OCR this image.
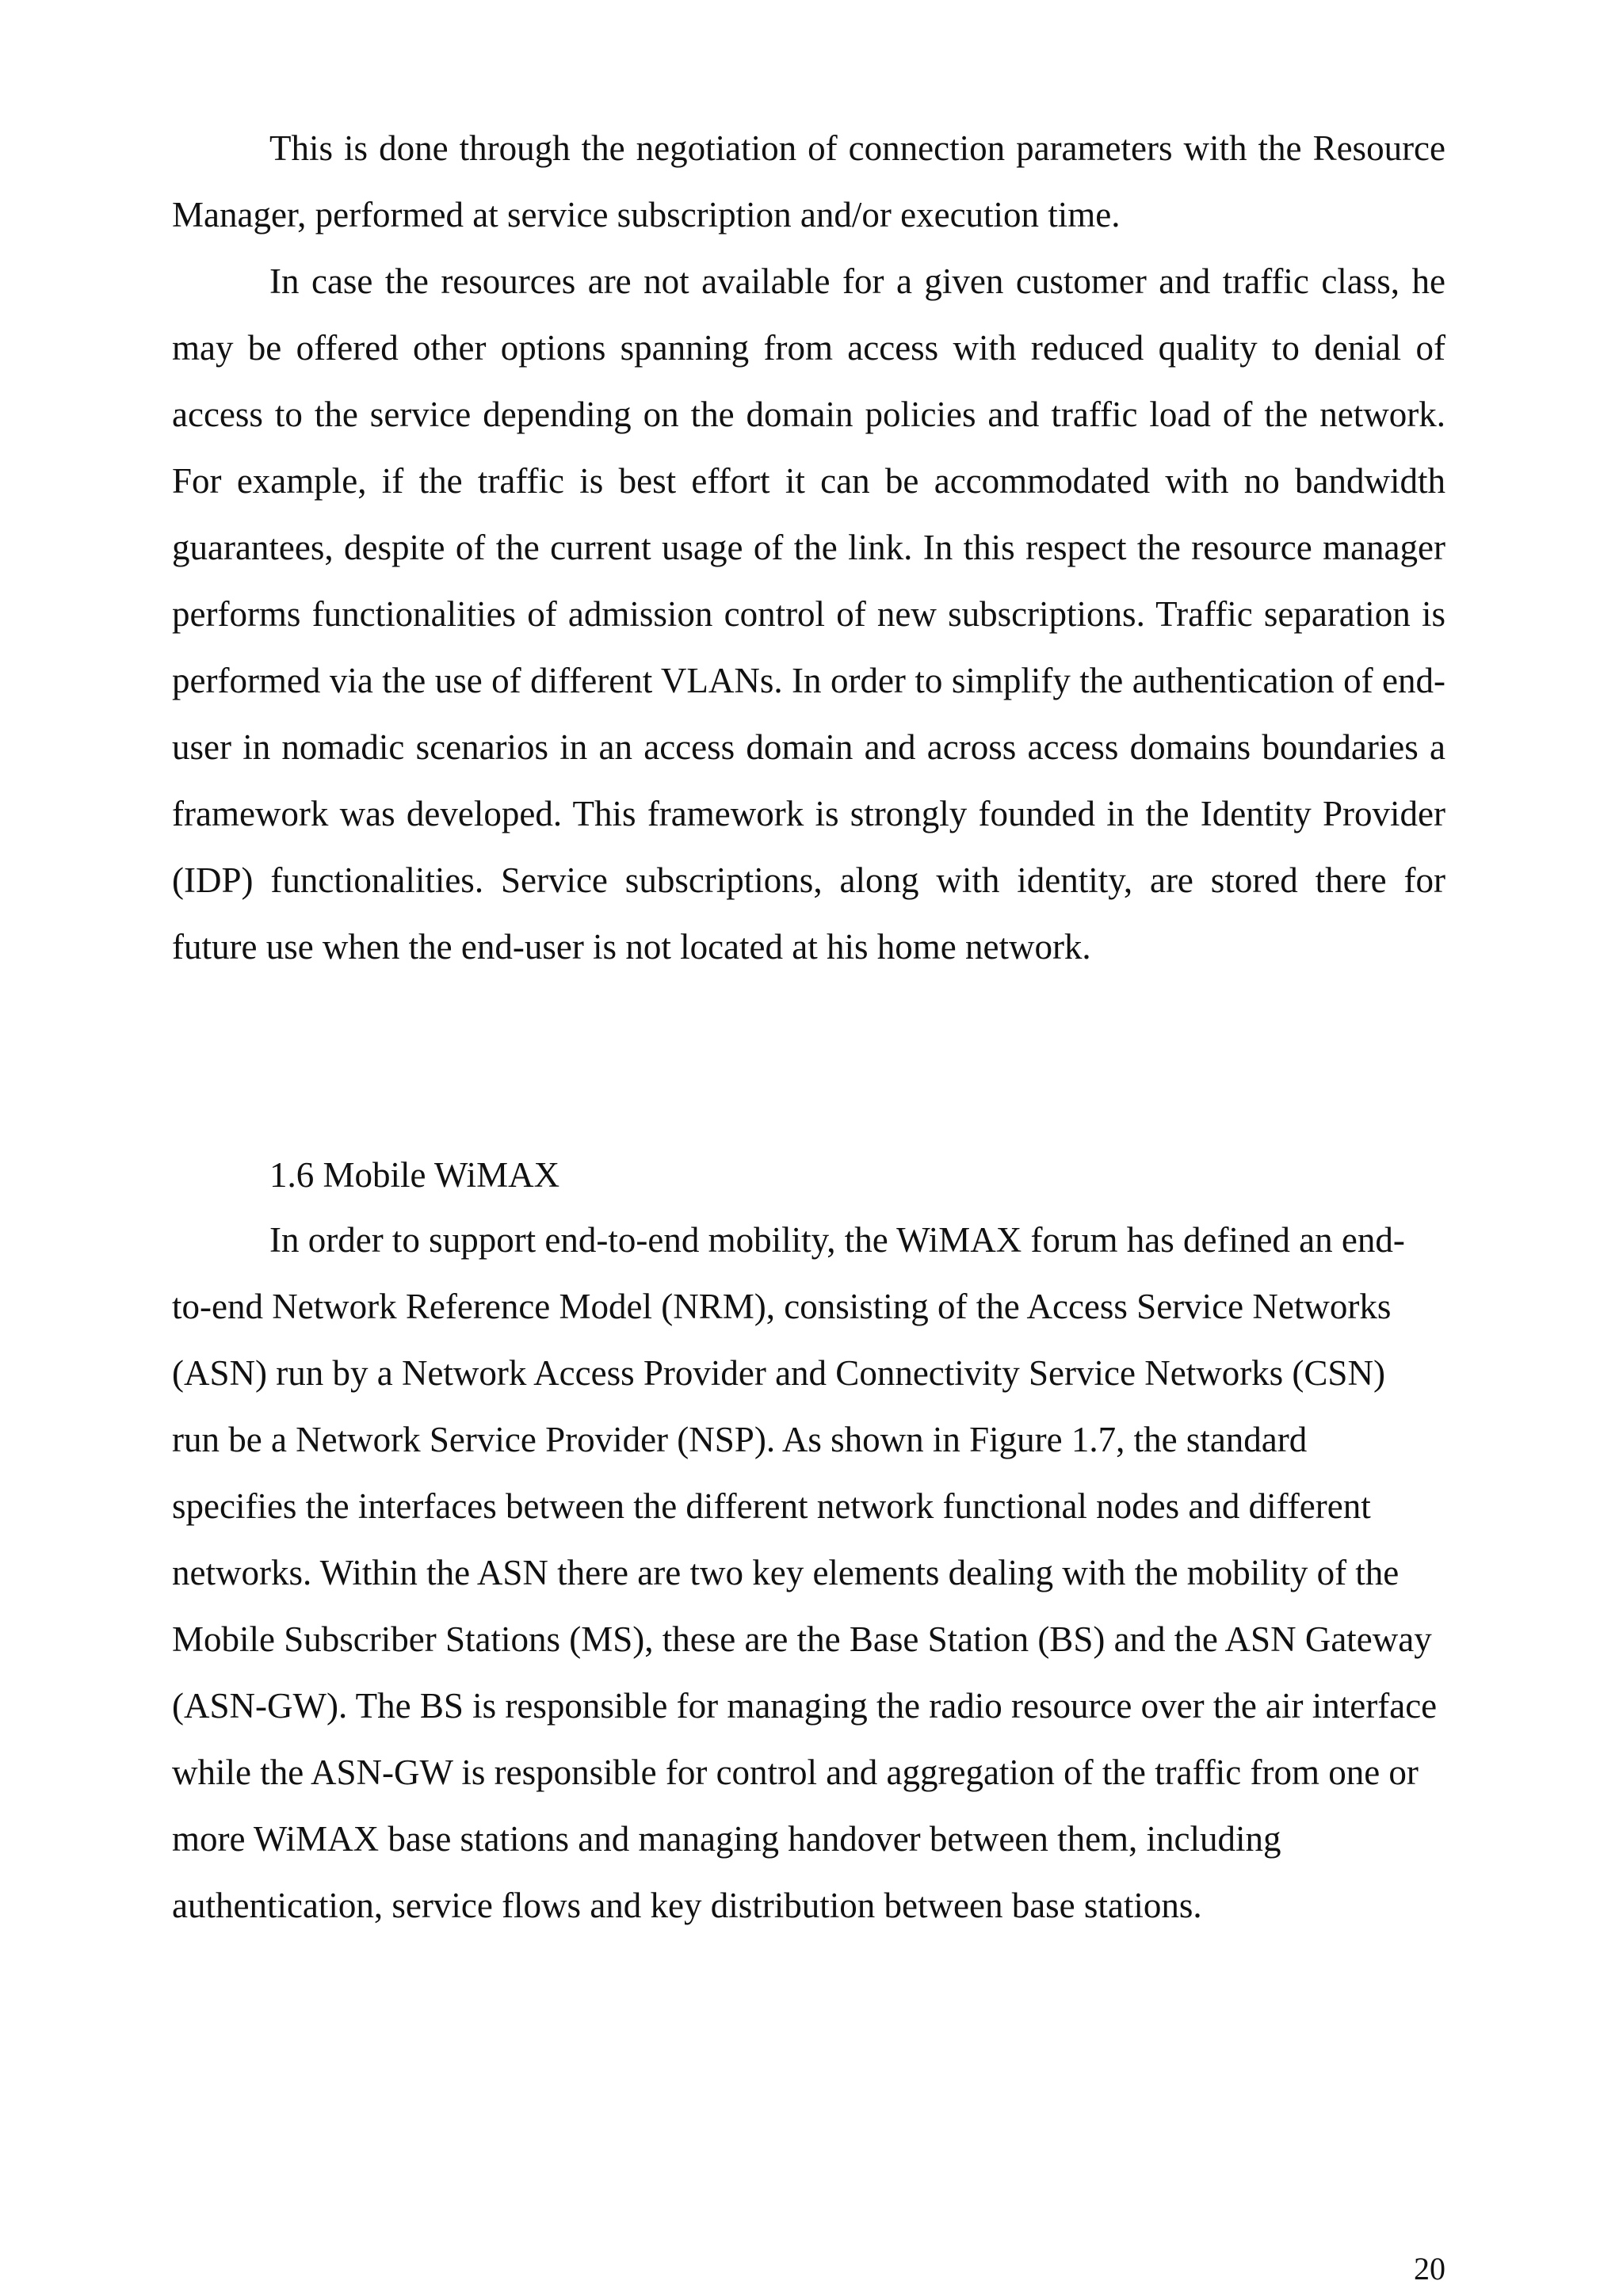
This is done through the negotiation of connection parameters with the Resource Manager, performed at service subscription and/or execution time.

In case the resources are not available for a given customer and traffic class, he may be offered other options spanning from access with reduced quality to denial of access to the service depending on the domain policies and traffic load of the network. For example, if the traffic is best effort it can be accommodated with no bandwidth guarantees, despite of the current usage of the link. In this respect the resource manager performs functionalities of admission control of new subscriptions. Traffic separation is performed via the use of different VLANs. In order to simplify the authentication of end-user in nomadic scenarios in an access domain and across access domains boundaries a framework was developed. This framework is strongly founded in the Identity Provider (IDP) functionalities. Service subscriptions, along with identity, are stored there for future use when the end-user is not located at his home network.

1.6 Mobile WiMAX

In order to support end-to-end mobility, the WiMAX forum has defined an end-to-end Network Reference Model (NRM), consisting of the Access Service Networks (ASN) run by a Network Access Provider and Connectivity Service Networks (CSN) run be a Network Service Provider (NSP). As shown in Figure 1.7, the standard specifies the interfaces between the different network functional nodes and different networks. Within the ASN there are two key elements dealing with the mobility of the Mobile Subscriber Stations (MS), these are the Base Station (BS) and the ASN Gateway (ASN-GW). The BS is responsible for managing the radio resource over the air interface while the ASN-GW is responsible for control and aggregation of the traffic from one or more WiMAX base stations and managing handover between them, including authentication, service flows and key distribution between base stations.

20
